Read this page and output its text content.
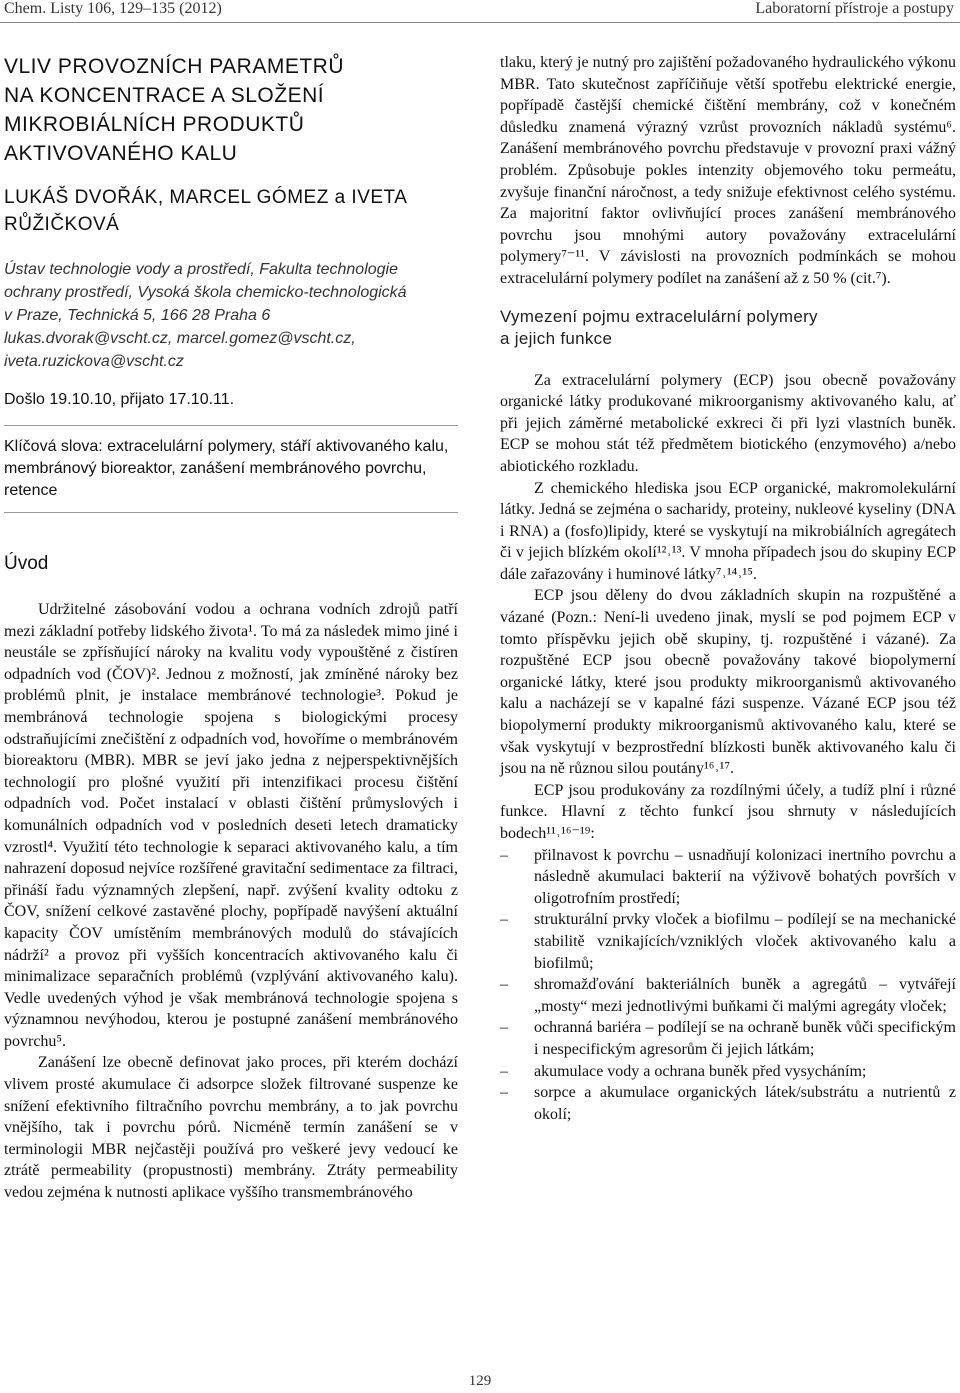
Chem. Listy 106, 129–135 (2012)	Laboratorní přístroje a postupy
VLIV PROVOZNÍCH PARAMETRŮ
NA KONCENTRACE A SLOŽENÍ
MIKROBIÁLNÍCH PRODUKTŮ
AKTIVOVANÉHO KALU
LUKÁŠ DVOŘÁK, MARCEL GÓMEZ a IVETA RŮŽIČKOVÁ
Ústav technologie vody a prostředí, Fakulta technologie
ochrany prostředí, Vysoká škola chemicko-technologická
v Praze, Technická 5, 166 28 Praha 6
lukas.dvorak@vscht.cz, marcel.gomez@vscht.cz,
iveta.ruzickova@vscht.cz
Došlo 19.10.10, přijato 17.10.11.
Klíčová slova: extracelulární polymery, stáří aktivovaného kalu, membránový bioreaktor, zanášení membránového povrchu, retence
Úvod

Udržitelné zásobování vodou a ochrana vodních zdrojů patří mezi základní potřeby lidského života¹. To má za následek mimo jiné i neustále se zpřísňující nároky na kvalitu vody vypouštěné z čistíren odpadních vod (ČOV)². Jednou z možností, jak zmíněné nároky bez problémů plnit, je instalace membránové technologie³. Pokud je membránová technologie spojena s biologickými procesy odstraňujícími znečištění z odpadních vod, hovoříme o membránovém bioreaktoru (MBR). MBR se jeví jako jedna z nejperspektivnějších technologií pro plošné využití při intenzifikaci procesu čištění odpadních vod. Počet instalací v oblasti čištění průmyslových i komunálních odpadních vod v posledních deseti letech dramaticky vzrostl⁴. Využití této technologie k separaci aktivovaného kalu, a tím nahrazení doposud nejvíce rozšířené gravitační sedimentace za filtraci, přináší řadu významných zlepšení, např. zvýšení kvality odtoku z ČOV, snížení celkové zastavěné plochy, popřípadě navýšení aktuální kapacity ČOV umístěním membránových modulů do stávajících nádrží² a provoz při vyšších koncentracích aktivovaného kalu či minimalizace separačních problémů (vzplývání aktivovaného kalu). Vedle uvedených výhod je však membránová technologie spojena s významnou nevýhodou, kterou je postupné zanášení membránového povrchu⁵.

Zanášení lze obecně definovat jako proces, při kterém dochází vlivem prosté akumulace či adsorpce složek filtrované suspenze ke snížení efektivního filtračního povrchu membrány, a to jak povrchu vnějšího, tak i povrchu pórů. Nicméně termín zanášení se v terminologii MBR nejčastěji používá pro veškeré jevy vedoucí ke ztrátě permeability (propustnosti) membrány. Ztráty permeability vedou zejména k nutnosti aplikace vyššího transmembránového

tlaku, který je nutný pro zajištění požadovaného hydraulického výkonu MBR. Tato skutečnost zapříčiňuje větší spotřebu elektrické energie, popřípadě častější chemické čištění membrány, což v konečném důsledku znamená výrazný vzrůst provozních nákladů systému⁶. Zanášení membránového povrchu představuje v provozní praxi vážný problém. Způsobuje pokles intenzity objemového toku permeátu, zvyšuje finanční náročnost, a tedy snižuje efektivnost celého systému. Za majoritní faktor ovlivňující proces zanášení membránového povrchu jsou mnohými autory považovány extracelulární polymery⁷⁻¹¹. V závislosti na provozních podmínkách se mohou extracelulární polymery podílet na zanášení až z 50 % (cit.⁷).

Vymezení pojmu extracelulární polymery
a jejich funkce

Za extracelulární polymery (ECP) jsou obecně považovány organické látky produkované mikroorganismy aktivovaného kalu, ať při jejich záměrné metabolické exkreci či při lyzi vlastních buněk. ECP se mohou stát též předmětem biotického (enzymového) a/nebo abiotického rozkladu.

Z chemického hlediska jsou ECP organické, makromolekulární látky. Jedná se zejména o sacharidy, proteiny, nukleové kyseliny (DNA i RNA) a (fosfo)lipidy, které se vyskytují na mikrobiálních agregátech či v jejich blízkém okolí¹²˒¹³. V mnoha případech jsou do skupiny ECP dále zařazovány i huminové látky⁷˒¹⁴˒¹⁵.

ECP jsou děleny do dvou základních skupin na rozpuštěné a vázané (Pozn.: Není-li uvedeno jinak, myslí se pod pojmem ECP v tomto příspěvku jejich obě skupiny, tj. rozpuštěné i vázané). Za rozpuštěné ECP jsou obecně považovány takové biopolymerní organické látky, které jsou produkty mikroorganismů aktivovaného kalu a nacházejí se v kapalné fázi suspenze. Vázané ECP jsou též biopolymerní produkty mikroorganismů aktivovaného kalu, které se však vyskytují v bezprostřední blízkosti buněk aktivovaného kalu či jsou na ně různou silou poutány¹⁶˒¹⁷.

ECP jsou produkovány za rozdílnými účely, a tudíž plní i různé funkce. Hlavní z těchto funkcí jsou shrnuty v následujících bodech¹¹˒¹⁶⁻¹⁹:

– přilnavost k povrchu – usnadňují kolonizaci inertního povrchu a následně akumulaci bakterií na výživově bohatých površích v oligotrofním prostředí;
– strukturální prvky vloček a biofilmu – podílejí se na mechanické stabilitě vznikajících/vzniklých vloček aktivovaného kalu a biofilmů;
– shromažďování bakteriálních buněk a agregátů – vytvářejí „mosty“ mezi jednotlivými buňkami či malými agregáty vloček;
– ochranná bariéra – podílejí se na ochraně buněk vůči specifickým i nespecifickým agresorům či jejich látkám;
– akumulace vody a ochrana buněk před vysycháním;
– sorpce a akumulace organických látek/substrátu a nutrientů z okolí;
129
